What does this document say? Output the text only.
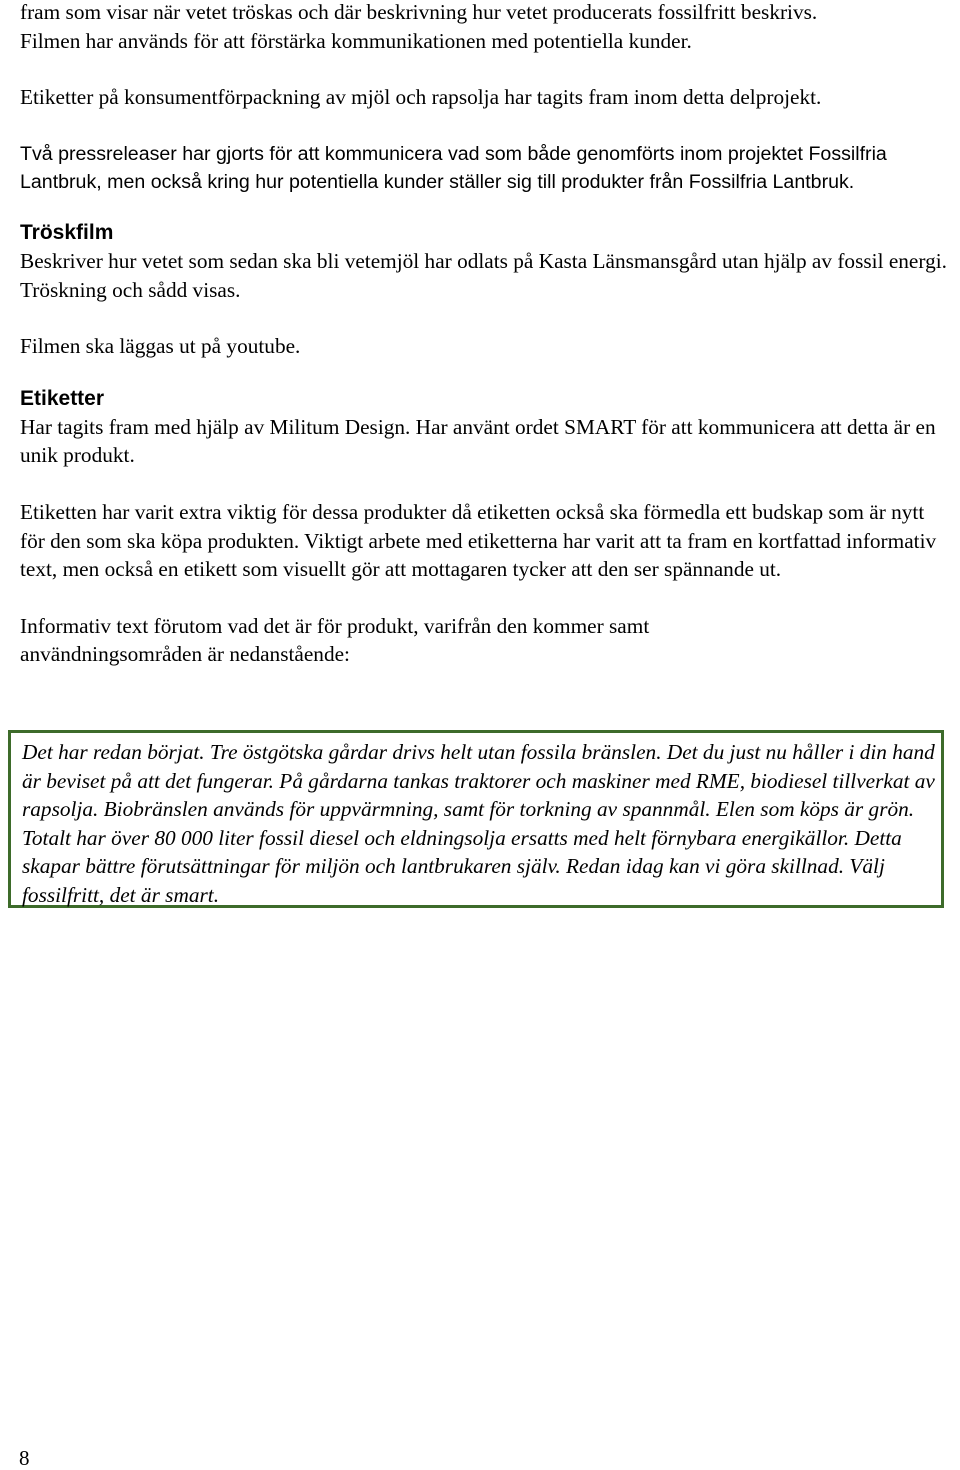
fram som visar när vetet tröskas och där beskrivning hur vetet producerats fossilfritt beskrivs.

Filmen har används för att förstärka kommunikationen med potentiella kunder.

Etiketter på konsumentförpackning av mjöl och rapsolja har tagits fram inom detta delprojekt.

Två pressreleaser har gjorts för att kommunicera vad som både genomförts inom projektet Fossilfria Lantbruk, men också kring hur potentiella kunder ställer sig till produkter från Fossilfria Lantbruk.

Tröskfilm

Beskriver hur vetet som sedan ska bli vetemjöl har odlats på Kasta Länsmansgård utan hjälp av fossil energi. Tröskning och sådd visas.

Filmen ska läggas ut på youtube.

Etiketter

Har tagits fram med hjälp av Militum Design. Har använt ordet SMART för att kommunicera att detta är en unik produkt.

Etiketten har varit extra viktig för dessa produkter då etiketten också ska förmedla ett budskap som är nytt för den som ska köpa produkten. Viktigt arbete med etiketterna har varit att ta fram en kortfattad informativ text, men också en etikett som visuellt gör att mottagaren tycker att den ser spännande ut.

Informativ text förutom vad det är för produkt, varifrån den kommer samt användningsområden är nedanstående:

Det har redan börjat. Tre östgötska gårdar drivs helt utan fossila bränslen. Det du just nu håller i din hand är beviset på att det fungerar. På gårdarna tankas traktorer och maskiner med RME, biodiesel tillverkat av rapsolja. Biobränslen används för uppvärmning, samt för torkning av spannmål. Elen som köps är grön. Totalt har över 80 000 liter fossil diesel och eldningsolja ersatts med helt förnybara energikällor. Detta skapar bättre förutsättningar för miljön och lantbrukaren själv. Redan idag kan vi göra skillnad. Välj fossilfritt, det är smart.

8
